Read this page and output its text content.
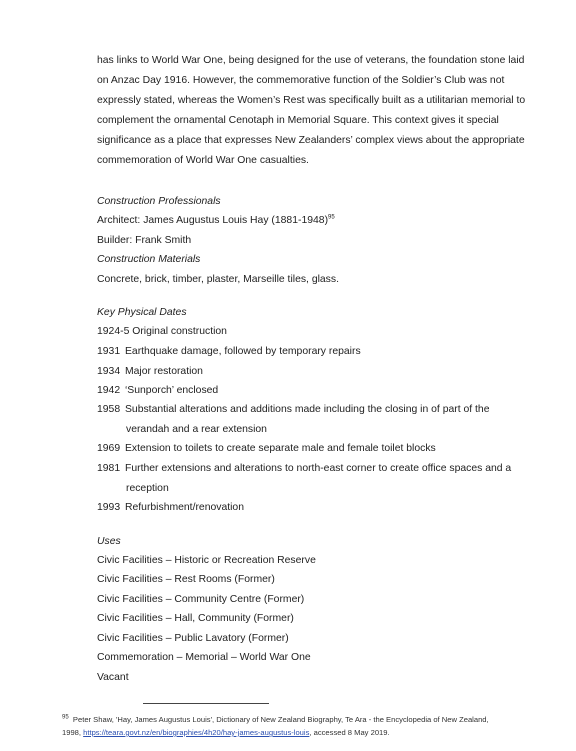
has links to World War One, being designed for the use of veterans, the foundation stone laid
on Anzac Day 1916. However, the commemorative function of the Soldier’s Club was not
expressly stated, whereas the Women’s Rest was specifically built as a utilitarian memorial to
complement the ornamental Cenotaph in Memorial Square. This context gives it special
significance as a place that expresses New Zealanders’ complex views about the appropriate
commemoration of World War One casualties.
Construction Professionals
Architect: James Augustus Louis Hay (1881-1948)$^{95}$
Builder: Frank Smith
Construction Materials
Concrete, brick, timber, plaster, Marseille tiles, glass.
Key Physical Dates
1924-5 Original construction
1931 Earthquake damage, followed by temporary repairs
1934 Major restoration
1942 ‘Sunporch’ enclosed
1958 Substantial alterations and additions made including the closing in of part of the
verandah and a rear extension
1969 Extension to toilets to create separate male and female toilet blocks
1981 Further extensions and alterations to north-east corner to create office spaces and a
reception
1993 Refurbishment/renovation
Uses
Civic Facilities – Historic or Recreation Reserve
Civic Facilities – Rest Rooms (Former)
Civic Facilities – Community Centre (Former)
Civic Facilities – Hall, Community (Former)
Civic Facilities – Public Lavatory (Former)
Commemoration – Memorial – World War One
Vacant
$^{95}$ Peter Shaw, 'Hay, James Augustus Louis', Dictionary of New Zealand Biography, Te Ara - the Encyclopedia of New Zealand,
1998, https://teara.govt.nz/en/biographies/4h20/hay-james-augustus-louis, accessed 8 May 2019.
